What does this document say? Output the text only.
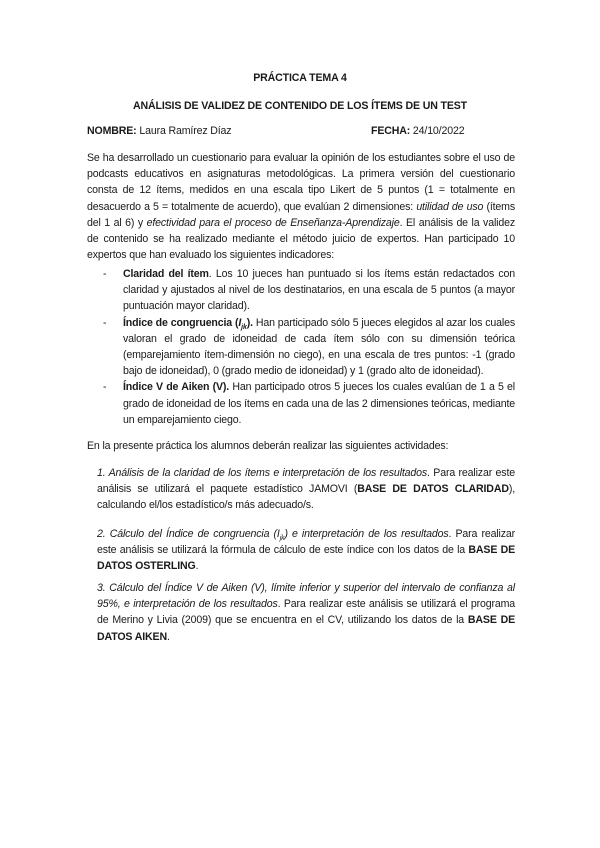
PRÁCTICA TEMA 4
ANÁLISIS DE VALIDEZ DE CONTENIDO DE LOS ÍTEMS DE UN TEST
NOMBRE: Laura Ramírez Díaz	FECHA: 24/10/2022
Se ha desarrollado un cuestionario para evaluar la opinión de los estudiantes sobre el uso de podcasts educativos en asignaturas metodológicas. La primera versión del cuestionario consta de 12 ítems, medidos en una escala tipo Likert de 5 puntos (1 = totalmente en desacuerdo a 5 = totalmente de acuerdo), que evalúan 2 dimensiones: utilidad de uso (ítems del 1 al 6) y efectividad para el proceso de Enseñanza-Aprendizaje. El análisis de la validez de contenido se ha realizado mediante el método juicio de expertos. Han participado 10 expertos que han evaluado los siguientes indicadores:
- Claridad del ítem. Los 10 jueces han puntuado si los ítems están redactados con claridad y ajustados al nivel de los destinatarios, en una escala de 5 puntos (a mayor puntuación mayor claridad).
- Índice de congruencia $(I_{jk})$. Han participado sólo 5 jueces elegidos al azar los cuales valoran el grado de idoneidad de cada ítem sólo con su dimensión teórica (emparejamiento ítem-dimensión no ciego), en una escala de tres puntos: -1 (grado bajo de idoneidad), 0 (grado medio de idoneidad) y 1 (grado alto de idoneidad).
- Índice V de Aiken (V). Han participado otros 5 jueces los cuales evalúan de 1 a 5 el grado de idoneidad de los ítems en cada una de las 2 dimensiones teóricas, mediante un emparejamiento ciego.
En la presente práctica los alumnos deberán realizar las siguientes actividades:
1. Análisis de la claridad de los ítems e interpretación de los resultados. Para realizar este análisis se utilizará el paquete estadístico JAMOVI (BASE DE DATOS CLARIDAD), calculando el/los estadístico/s más adecuado/s.
2. Cálculo del Índice de congruencia $(I_{jk})$ e interpretación de los resultados. Para realizar este análisis se utilizará la fórmula de cálculo de este índice con los datos de la BASE DE DATOS OSTERLING.
3. Cálculo del Índice V de Aiken (V), límite inferior y superior del intervalo de confianza al 95%, e interpretación de los resultados. Para realizar este análisis se utilizará el programa de Merino y Livia (2009) que se encuentra en el CV, utilizando los datos de la BASE DE DATOS AIKEN.
